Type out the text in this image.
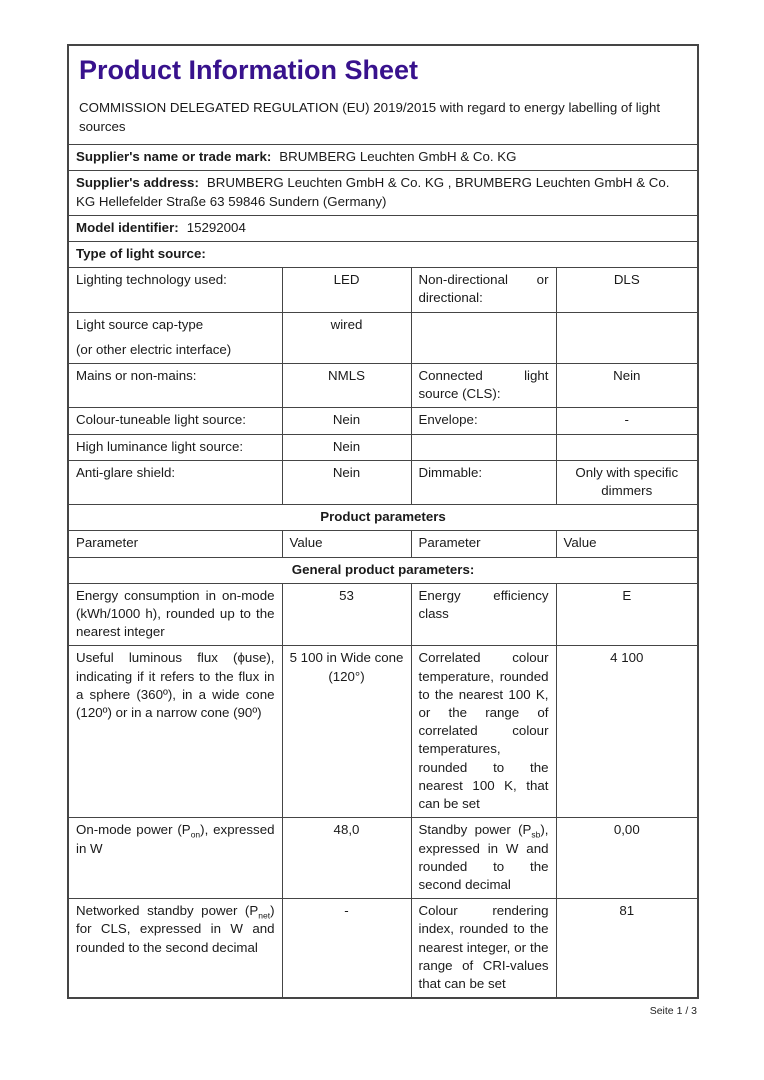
Product Information Sheet
COMMISSION DELEGATED REGULATION (EU) 2019/2015 with regard to energy labelling of light sources			

Supplier's name or trade mark: BRUMBERG Leuchten GmbH & Co. KG			
Supplier's address: BRUMBERG Leuchten GmbH & Co. KG , BRUMBERG Leuchten GmbH & Co. KG Hellefelder Straße 63 59846 Sundern (Germany)			
Model identifier: 15292004			
Type of light source:			
Lighting technology used:	LED	Non-directional or directional:	DLS
Light source cap-type
(or other electric interface)	wired		
Mains or non-mains:	NMLS	Connected light source (CLS):	Nein
Colour-tuneable light source:	Nein	Envelope:	-
High luminance light source:	Nein		
Anti-glare shield:	Nein	Dimmable:	Only with specific dimmers
Product parameters			
Parameter	Value	Parameter	Value
General product parameters:			
Energy consumption in on-mode (kWh/1000 h), rounded up to the nearest integer	53	Energy efficiency class	E
Useful luminous flux (ϕuse), indicating if it refers to the flux in a sphere (360º), in a wide cone (120º) or in a narrow cone (90º)	5 100 in Wide cone (120°)	Correlated colour temperature, rounded to the nearest 100 K, or the range of correlated colour temperatures, rounded to the nearest 100 K, that can be set	4 100
On-mode power $(P_{on})$, expressed in W	48,0	Standby power $(P_{sb})$, expressed in W and rounded to the second decimal	0,00
Networked standby power $(P_{net})$ for CLS, expressed in W and rounded to the second decimal	-	Colour rendering index, rounded to the nearest integer, or the range of CRI-values that can be set	81
Seite 1 / 3
